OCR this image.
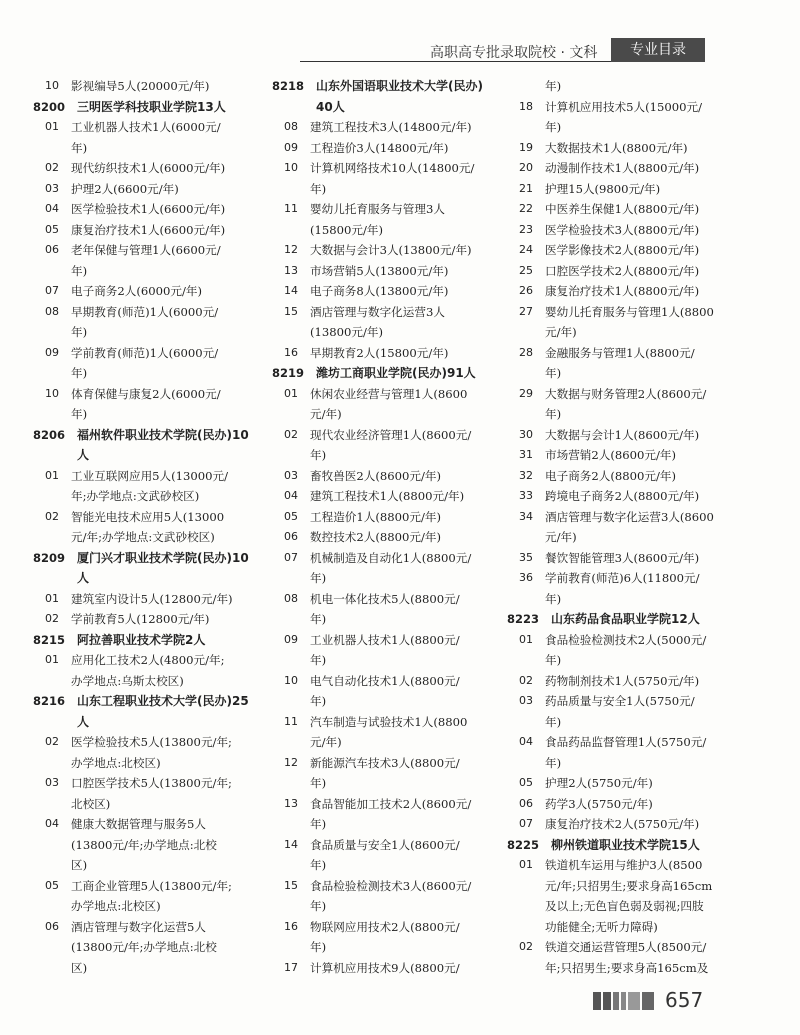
高职高专批录取院校 · 文科	专业目录
10	影视编导5人(20000元/年)
8200 三明医学科技职业学院13人
01	工业机器人技术1人(6000元/
年)
02	现代纺织技术1人(6000元/年)
03	护理2人(6600元/年)
04	医学检验技术1人(6600元/年)
05	康复治疗技术1人(6600元/年)
06	老年保健与管理1人(6600元/
年)
07	电子商务2人(6000元/年)
08	早期教育(师范)1人(6000元/
年)
09	学前教育(师范)1人(6000元/
年)
10	体育保健与康复2人(6000元/
年)
8206 福州软件职业技术学院(民办)10
人
01	工业互联网应用5人(13000元/
年;办学地点:文武砂校区)
02	智能光电技术应用5人(13000
元/年;办学地点:文武砂校区)
8209 厦门兴才职业技术学院(民办)10
人
01	建筑室内设计5人(12800元/年)
02	学前教育5人(12800元/年)
8215 阿拉善职业技术学院2人
01	应用化工技术2人(4800元/年;
办学地点:乌斯太校区)
8216 山东工程职业技术大学(民办)25
人
02	医学检验技术5人(13800元/年;
办学地点:北校区)
03	口腔医学技术5人(13800元/年;
北校区)
04	健康大数据管理与服务5人
(13800元/年;办学地点:北校
区)
05	工商企业管理5人(13800元/年;
办学地点:北校区)
06	酒店管理与数字化运营5人
(13800元/年;办学地点:北校
区)
8218 山东外国语职业技术大学(民办)
40人
08	建筑工程技术3人(14800元/年)
09	工程造价3人(14800元/年)
10	计算机网络技术10人(14800元/
年)
11	婴幼儿托育服务与管理3人
(15800元/年)
12	大数据与会计3人(13800元/年)
13	市场营销5人(13800元/年)
14	电子商务8人(13800元/年)
15	酒店管理与数字化运营3人
(13800元/年)
16	早期教育2人(15800元/年)
8219 潍坊工商职业学院(民办)91人
01	休闲农业经营与管理1人(8600
元/年)
02	现代农业经济管理1人(8600元/
年)
03	畜牧兽医2人(8600元/年)
04	建筑工程技术1人(8800元/年)
05	工程造价1人(8800元/年)
06	数控技术2人(8800元/年)
07	机械制造及自动化1人(8800元/
年)
08	机电一体化技术5人(8800元/
年)
09	工业机器人技术1人(8800元/
年)
10	电气自动化技术1人(8800元/
年)
11	汽车制造与试验技术1人(8800
元/年)
12	新能源汽车技术3人(8800元/
年)
13	食品智能加工技术2人(8600元/
年)
14	食品质量与安全1人(8600元/
年)
15	食品检验检测技术3人(8600元/
年)
16	物联网应用技术2人(8800元/
年)
17	计算机应用技术9人(8800元/
年)
18	计算机应用技术5人(15000元/
年)
19	大数据技术1人(8800元/年)
20	动漫制作技术1人(8800元/年)
21	护理15人(9800元/年)
22	中医养生保健1人(8800元/年)
23	医学检验技术3人(8800元/年)
24	医学影像技术2人(8800元/年)
25	口腔医学技术2人(8800元/年)
26	康复治疗技术1人(8800元/年)
27	婴幼儿托育服务与管理1人(8800
元/年)
28	金融服务与管理1人(8800元/
年)
29	大数据与财务管理2人(8600元/
年)
30	大数据与会计1人(8600元/年)
31	市场营销2人(8600元/年)
32	电子商务2人(8800元/年)
33	跨境电子商务2人(8800元/年)
34	酒店管理与数字化运营3人(8600
元/年)
35	餐饮智能管理3人(8600元/年)
36	学前教育(师范)6人(11800元/
年)
8223 山东药品食品职业学院12人
01	食品检验检测技术2人(5000元/
年)
02	药物制剂技术1人(5750元/年)
03	药品质量与安全1人(5750元/
年)
04	食品药品监督管理1人(5750元/
年)
05	护理2人(5750元/年)
06	药学3人(5750元/年)
07	康复治疗技术2人(5750元/年)
8225 柳州铁道职业技术学院15人
01	铁道机车运用与维护3人(8500
元/年;只招男生;要求身高165cm
及以上;无色盲色弱及弱视;四肢
功能健全;无听力障碍)
02	铁道交通运营管理5人(8500元/
年;只招男生;要求身高165cm及
657
